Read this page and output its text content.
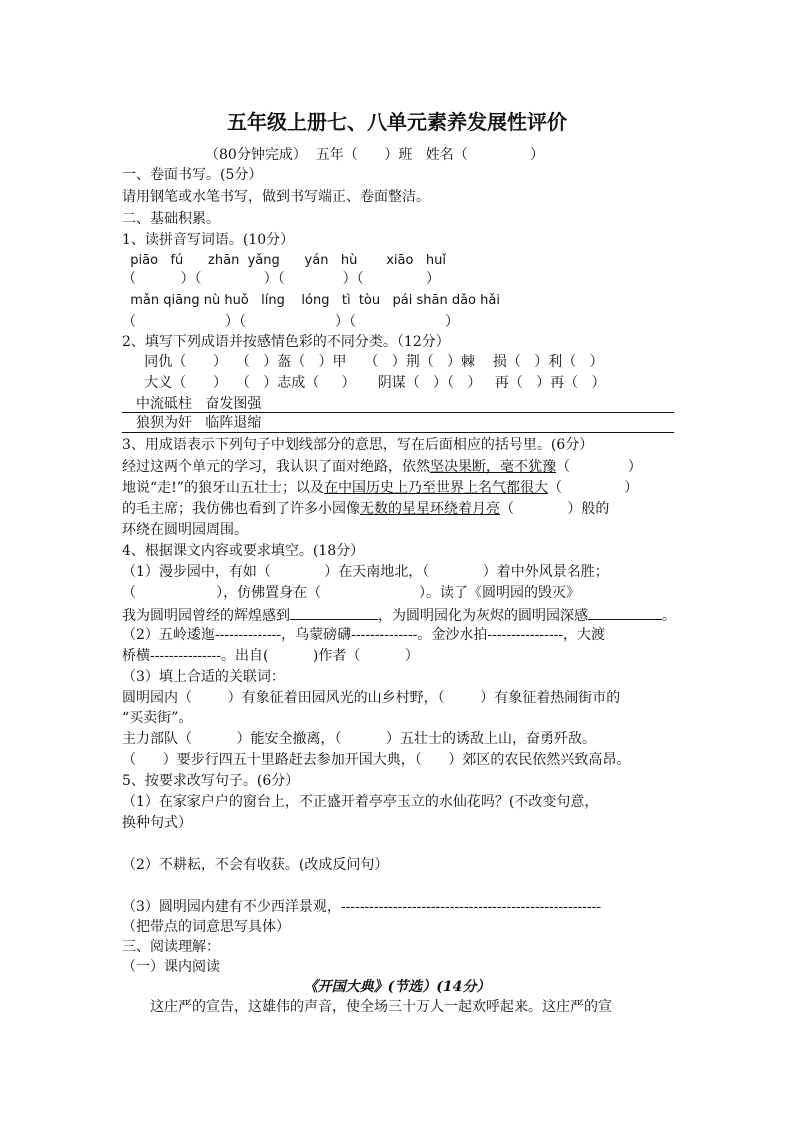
五年级上册七、八单元素养发展性评价
（80分钟完成）  五年（      ）班   姓名（              ）
一、卷面书写。(5分）
请用钢笔或水笔书写，做到书写端正、卷面整洁。
二、基础积累。
1、读拼音写词语。(10分）
piāo   fú      zhān  yǎng      yán   hù       xiāo   huǐ
（          ）（              ）（             ）（              ）
mǎn qiāng nù huǒ   líng    lóng   tì  tòu   pái shān dǎo hǎi
（                    ）（                    ）（                    ）
2、填写下列成语并按感情色彩的不同分类。（12分）
同仇（      ）  （   ）盔（   ）甲    （   ）荆（   ）棘    损（   ）利（   ）
大义（      ）  （   ）志成（     ）     阴谋（   ）（   ）   再（   ）再（   ）
中流砥柱   奋发图强
狼狈为奸   临阵退缩
3、用成语表示下列句子中划线部分的意思，写在后面相应的括号里。(6分）
经过这两个单元的学习，我认识了面对绝路，依然坚决果断，毫不犹豫（             ）
地说“走!”的狼牙山五壮士；以及在中国历史上乃至世界上名气都很大（              ）
的毛主席；我仿佛也看到了许多小园像无数的星星环绕着月亮（            ）般的
环绕在圆明园周围。
4、根据课文内容或要求填空。(18分）
（1）漫步园中，有如（            ）在天南地北，（            ）着中外风景名胜；
（                  ），仿佛置身在（                      ）。读了《圆明园的毁灭》
我为圆明园曾经的辉煌感到	，为圆明园化为灰烬的圆明园深感	。
（2）五岭逶迤--------------，乌蒙磅礴--------------。金沙水拍----------------，大渡
桥横---------------。出自(          )作者（          ）
（3）填上合适的关联词：
圆明园内（        ）有象征着田园风光的山乡村野，（        ）有象征着热闹街市的
“买卖街”。
主力部队（          ）能安全撤离，（          ）五壮士的诱敌上山，奋勇歼敌。
（      ）要步行四五十里路赶去参加开国大典，（      ）郊区的农民依然兴致高昂。
5、按要求改写句子。(6分）
（1）在家家户户的窗台上，不正盛开着亭亭玉立的水仙花吗？(不改变句意，
换种句式）
（2）不耕耘，不会有收获。(改成反问句）
（3）圆明园内建有不少西洋景观，-------------------------------------------------------
（把带点的词意思写具体）
三、阅读理解：
（一）课内阅读
《开国大典》(节选）(14分）
这庄严的宣告，这雄伟的声音，使全场三十万人一起欢呼起来。这庄严的宣
